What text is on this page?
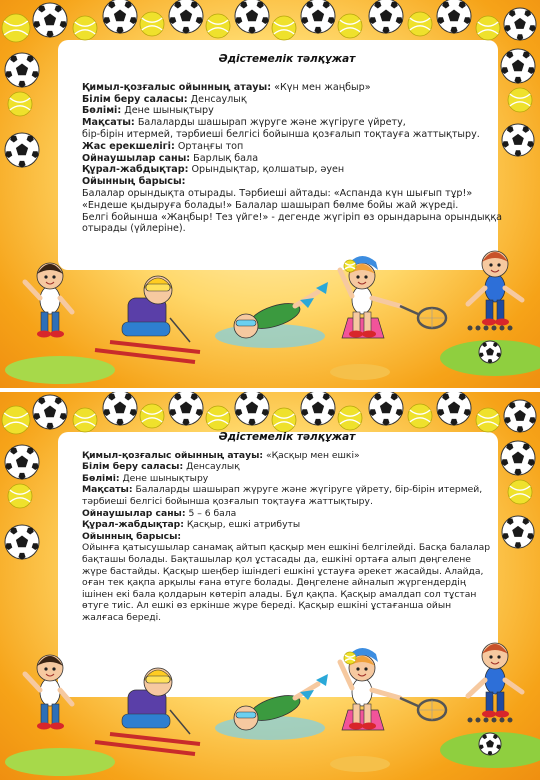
Әдістемелік тәлқұжат
Қимыл-қозғалыс ойынның атауы: «Күн мен жаңбыр»
Білім беру саласы: Денсаулық
Бөлімі: Дене шынықтыру
Мақсаты: Балаларды шашырап жүруге және жүгіруге үйрету,
бір-бірін итермей, тәрбиеші белгісі бойынша қозғалып тоқтауға жаттықтыру.
Жас ерекшелігі: Ортаңғы топ
Ойнаушылар саны: Барлық бала
Құрал-жабдықтар: Орындықтар, қолшатыр, әуен
Ойынның барысы:
Балалар орындықта отырады. Тәрбиеші айтады: «Аспанда күн шығып тұр!»
«Ендеше қыдыруға болады!» Балалар шашырап бөлме бойы жай жүреді.
Белгі бойынша «Жаңбыр! Тез үйге!» - дегенде жүгіріп өз орындарына орындыққа
отырады (үйлеріне).
Әдістемелік тәлқұжат
Қимыл-қозғалыс ойынның атауы: «Қасқыр мен ешкі»
Білім беру саласы: Денсаулық
Бөлімі: Дене шынықтыру
Мақсаты: Балаларды шашырап жүруге және жүгіруге үйрету, бір-бірін итермей,
тәрбиеші белгісі бойынша қозғалып тоқтауға жаттықтыру.
Ойнаушылар саны: 5 – 6 бала
Құрал-жабдықтар: Қасқыр, ешкі атрибуты
Ойынның барысы:
Ойынға қатысушылар санамақ айтып қасқыр мен ешкіні белгілейді. Басқа балалар бақташы болады. Бақташылар қол ұстасады да, ешкіні ортаға алып дөңгелене жүре бастайды. Қасқыр шеңбер ішіндегі ешкіні ұстауға әрекет жасайды. Алайда, оған тек қақпа арқылы ғана өтуге болады. Дөңгелене айналып жүргендердің ішінен екі бала қолдарын көтеріп алады. Бұл қақпа. Қасқыр амалдап сол тұстан өтуге тиіс. Ал ешкі өз еркінше жүре береді. Қасқыр ешкіні ұстағанша ойын жалғаса береді.
